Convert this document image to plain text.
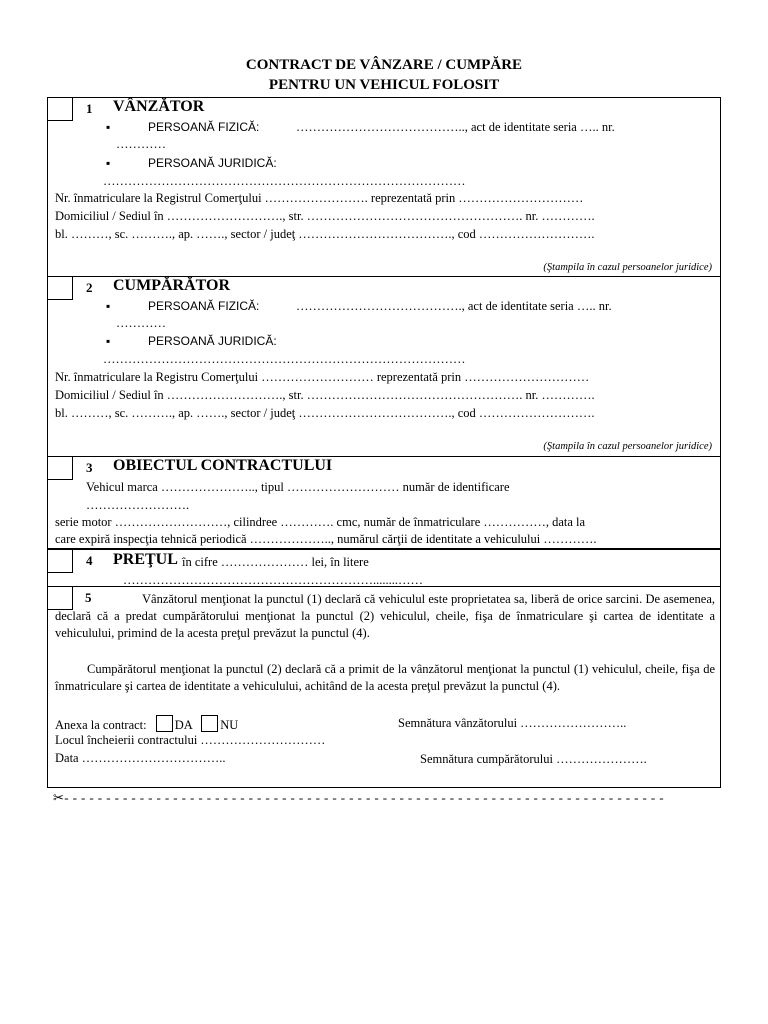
CONTRACT DE VÂNZARE / CUMPĂRE
PENTRU UN VEHICUL FOLOSIT
1 VÂNZĂTOR
▪	PERSOANĂ FIZICĂ:	………………………………….., act de identitate seria ….. nr.
…………
▪	PERSOANĂ JURIDICĂ:
……………………………………………………………………………
Nr. înmatriculare la Registrul Comerţului ……………………. reprezentată prin …………………………
Domiciliul / Sediul în ………………………., str. ……………………………………………. nr. ………….
bl. ………, sc. ………., ap. ……., sector / judeţ ………………………………., cod ……………………….
(Ştampila în cazul persoanelor juridice)
2 CUMPĂRĂTOR
▪	PERSOANĂ FIZICĂ:	…………………………………., act de identitate seria ….. nr.
…………
▪	PERSOANĂ JURIDICĂ:
……………………………………………………………………………
Nr. înmatriculare la Registru Comerţului ……………………… reprezentată prin …………………………
Domiciliul / Sediul în ………………………., str. ……………………………………………. nr. ………….
bl. ………, sc. ………., ap. ……., sector / judeţ ………………………………., cod ……………………….
(Ştampila în cazul persoanelor juridice)
3 OBIECTUL CONTRACTULUI
Vehicul marca ………………….., tipul ……………………… număr de identificare
…………………….
serie motor ………………………, cilindree …………. cmc, număr de înmatriculare ……………, data la
care expiră inspecţia tehnică periodică ……………….., numărul cărţii de identitate a vehiculului ………….
4 PREŢUL în cifre ………………… lei, în litere
……………………………………………………........……
5	Vânzătorul menţionat la punctul (1) declară că vehiculul este proprietatea sa, liberă de orice sarcini. De asemenea, declară că a predat cumpărătorului menţionat la punctul (2) vehiculul, cheile, fişa de înmatriculare şi cartea de identitate a vehiculului, primind de la acesta preţul prevăzut la punctul (4).
Cumpărătorul menţionat la punctul (2) declară că a primit de la vânzătorul menţionat la punctul (1) vehiculul, cheile, fişa de înmatriculare şi cartea de identitate a vehiculului, achitând de la acesta preţul prevăzut la punctul (4).
Anexa la contract: DA NU	Semnătura vânzătorului ……………………..
Locul încheierii contractului …………………………
Data ……………………………..	Semnătura cumpărătorului ………………….
✂- - - - - - - - - - - - - - - - - - - - - - - - - - - - - - - - - - - - - - - - - - - - - - - - - - - - - - - - - - - - - - - - - - - - - - - -
